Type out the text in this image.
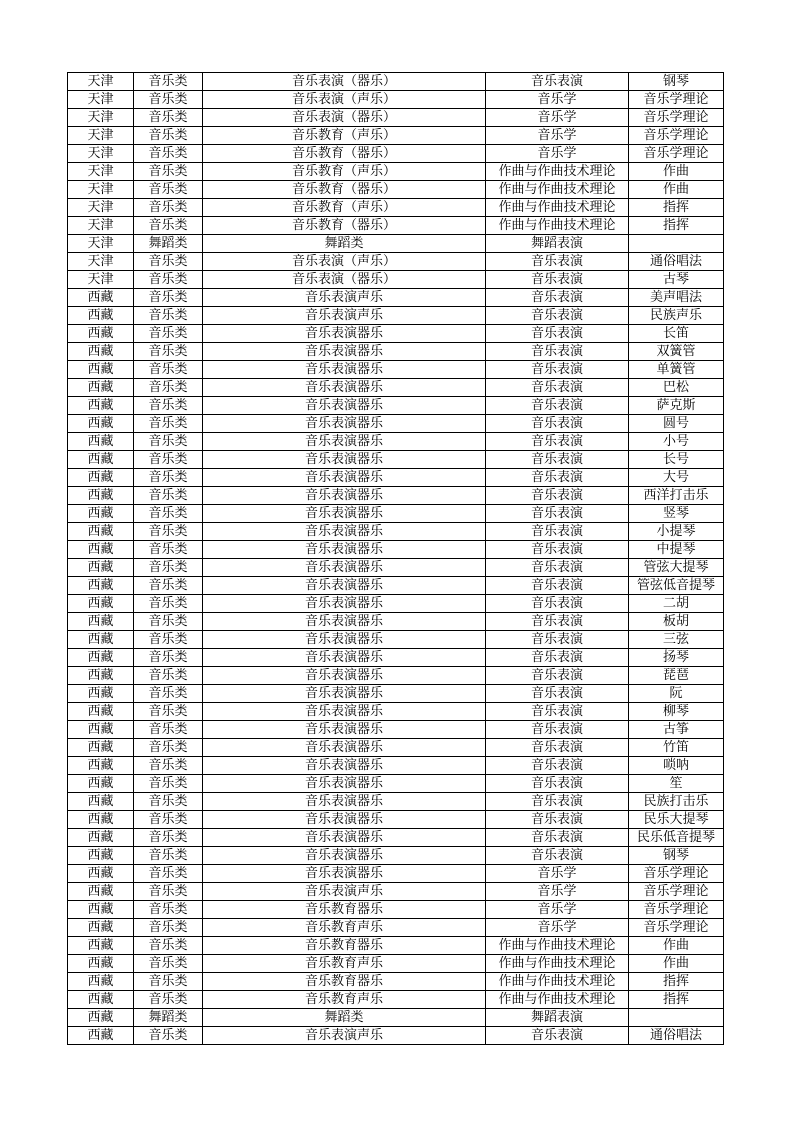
天津	音乐类	音乐表演（器乐）	音乐表演	钢琴
天津	音乐类	音乐表演（声乐）	音乐学	音乐学理论
天津	音乐类	音乐表演（器乐）	音乐学	音乐学理论
天津	音乐类	音乐教育（声乐）	音乐学	音乐学理论
天津	音乐类	音乐教育（器乐）	音乐学	音乐学理论
天津	音乐类	音乐教育（声乐）	作曲与作曲技术理论	作曲
天津	音乐类	音乐教育（器乐）	作曲与作曲技术理论	作曲
天津	音乐类	音乐教育（声乐）	作曲与作曲技术理论	指挥
天津	音乐类	音乐教育（器乐）	作曲与作曲技术理论	指挥
天津	舞蹈类	舞蹈类	舞蹈表演	
天津	音乐类	音乐表演（声乐）	音乐表演	通俗唱法
天津	音乐类	音乐表演（器乐）	音乐表演	古琴
西藏	音乐类	音乐表演声乐	音乐表演	美声唱法
西藏	音乐类	音乐表演声乐	音乐表演	民族声乐
西藏	音乐类	音乐表演器乐	音乐表演	长笛
西藏	音乐类	音乐表演器乐	音乐表演	双簧管
西藏	音乐类	音乐表演器乐	音乐表演	单簧管
西藏	音乐类	音乐表演器乐	音乐表演	巴松
西藏	音乐类	音乐表演器乐	音乐表演	萨克斯
西藏	音乐类	音乐表演器乐	音乐表演	圆号
西藏	音乐类	音乐表演器乐	音乐表演	小号
西藏	音乐类	音乐表演器乐	音乐表演	长号
西藏	音乐类	音乐表演器乐	音乐表演	大号
西藏	音乐类	音乐表演器乐	音乐表演	西洋打击乐
西藏	音乐类	音乐表演器乐	音乐表演	竖琴
西藏	音乐类	音乐表演器乐	音乐表演	小提琴
西藏	音乐类	音乐表演器乐	音乐表演	中提琴
西藏	音乐类	音乐表演器乐	音乐表演	管弦大提琴
西藏	音乐类	音乐表演器乐	音乐表演	管弦低音提琴
西藏	音乐类	音乐表演器乐	音乐表演	二胡
西藏	音乐类	音乐表演器乐	音乐表演	板胡
西藏	音乐类	音乐表演器乐	音乐表演	三弦
西藏	音乐类	音乐表演器乐	音乐表演	扬琴
西藏	音乐类	音乐表演器乐	音乐表演	琵琶
西藏	音乐类	音乐表演器乐	音乐表演	阮
西藏	音乐类	音乐表演器乐	音乐表演	柳琴
西藏	音乐类	音乐表演器乐	音乐表演	古筝
西藏	音乐类	音乐表演器乐	音乐表演	竹笛
西藏	音乐类	音乐表演器乐	音乐表演	唢呐
西藏	音乐类	音乐表演器乐	音乐表演	笙
西藏	音乐类	音乐表演器乐	音乐表演	民族打击乐
西藏	音乐类	音乐表演器乐	音乐表演	民乐大提琴
西藏	音乐类	音乐表演器乐	音乐表演	民乐低音提琴
西藏	音乐类	音乐表演器乐	音乐表演	钢琴
西藏	音乐类	音乐表演器乐	音乐学	音乐学理论
西藏	音乐类	音乐表演声乐	音乐学	音乐学理论
西藏	音乐类	音乐教育器乐	音乐学	音乐学理论
西藏	音乐类	音乐教育声乐	音乐学	音乐学理论
西藏	音乐类	音乐教育器乐	作曲与作曲技术理论	作曲
西藏	音乐类	音乐教育声乐	作曲与作曲技术理论	作曲
西藏	音乐类	音乐教育器乐	作曲与作曲技术理论	指挥
西藏	音乐类	音乐教育声乐	作曲与作曲技术理论	指挥
西藏	舞蹈类	舞蹈类	舞蹈表演	
西藏	音乐类	音乐表演声乐	音乐表演	通俗唱法
